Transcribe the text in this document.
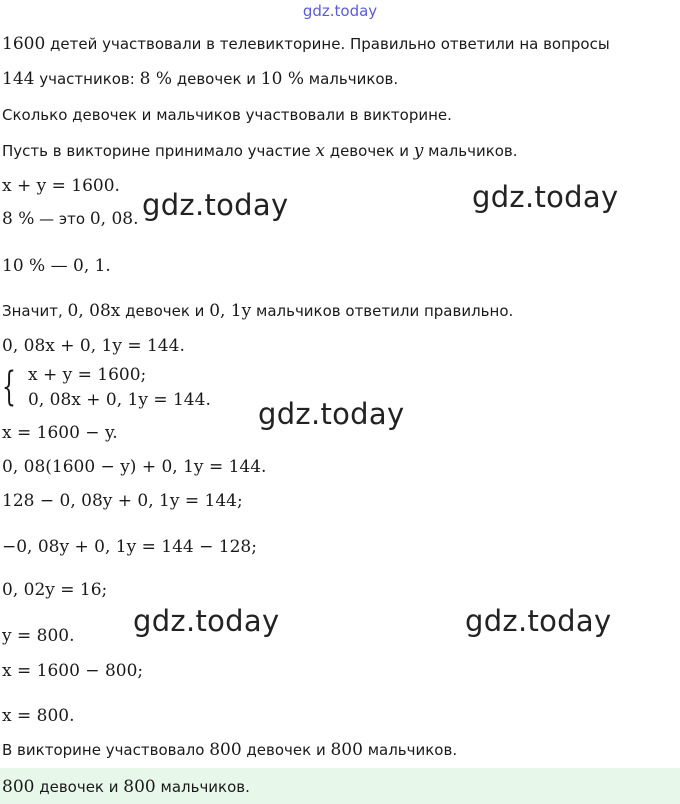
gdz.today
1600 детей участвовали в телевикторине. Правильно ответили на вопросы
144 участников: 8 % девочек и 10 % мальчиков.
Сколько девочек и мальчиков участвовали в викторине.
Пусть в викторине принимало участие x девочек и y мальчиков.
x + y = 1600.
8 % — это 0, 08.
10 % — 0, 1.
Значит, 0, 08x девочек и 0, 1y мальчиков ответили правильно.
0, 08x + 0, 1y = 144.
{ x + y = 1600;
0, 08x + 0, 1y = 144.
x = 1600 − y.
0, 08(1600 − y) + 0, 1y = 144.
128 − 0, 08y + 0, 1y = 144;
−0, 08y + 0, 1y = 144 − 128;
0, 02y = 16;
y = 800.
x = 1600 − 800;
x = 800.
В викторине участвовало 800 девочек и 800 мальчиков.
800 девочек и 800 мальчиков.
gdz.today	gdz.today
gdz.today
gdz.today	gdz.today
